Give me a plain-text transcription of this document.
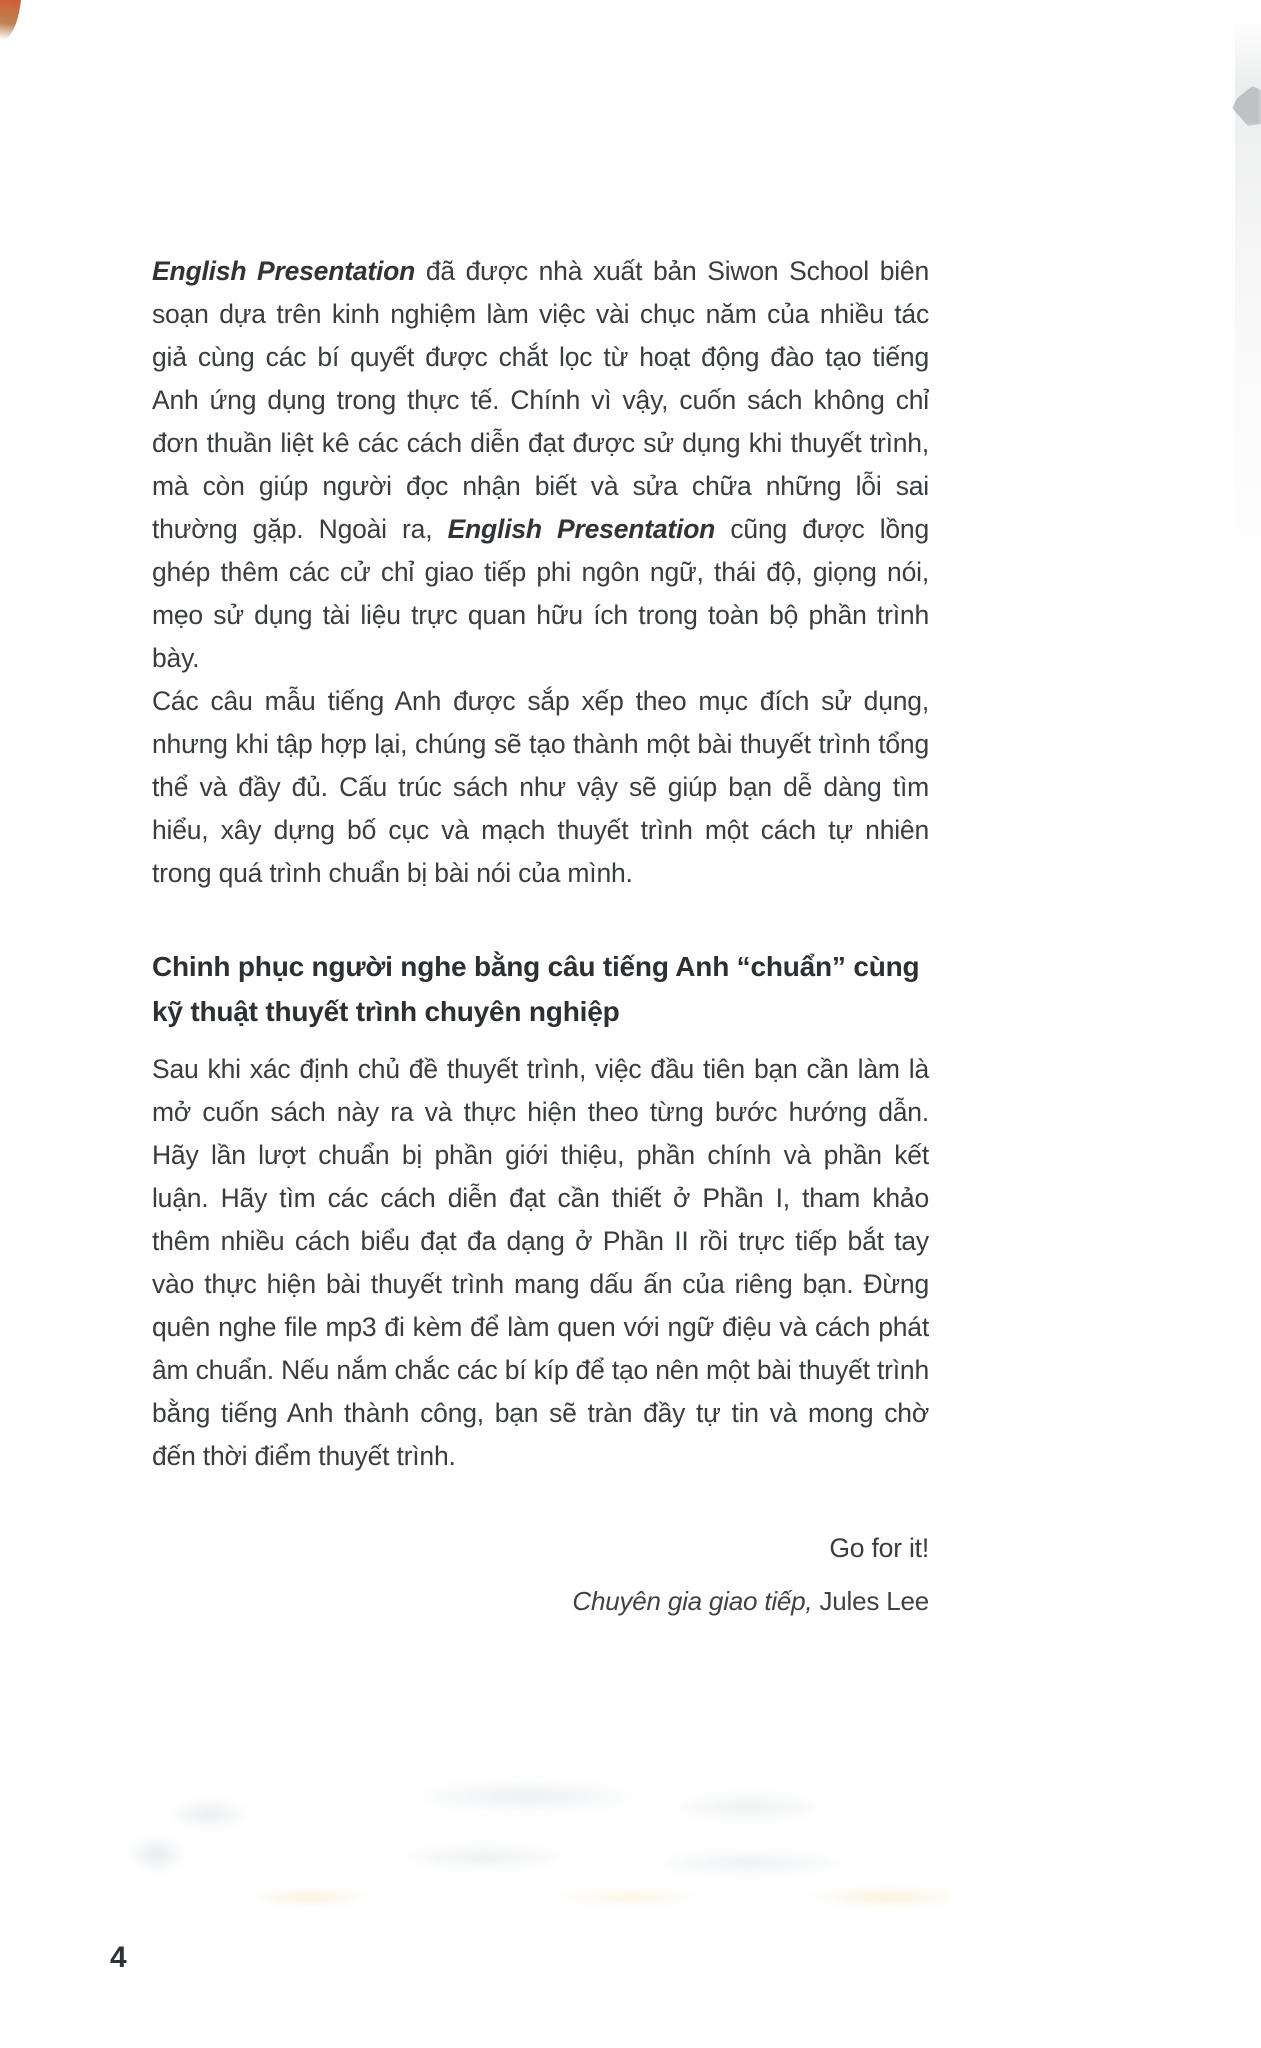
English Presentation đã được nhà xuất bản Siwon School biên soạn dựa trên kinh nghiệm làm việc vài chục năm của nhiều tác giả cùng các bí quyết được chắt lọc từ hoạt động đào tạo tiếng Anh ứng dụng trong thực tế. Chính vì vậy, cuốn sách không chỉ đơn thuần liệt kê các cách diễn đạt được sử dụng khi thuyết trình, mà còn giúp người đọc nhận biết và sửa chữa những lỗi sai thường gặp. Ngoài ra, English Presentation cũng được lồng ghép thêm các cử chỉ giao tiếp phi ngôn ngữ, thái độ, giọng nói, mẹo sử dụng tài liệu trực quan hữu ích trong toàn bộ phần trình bày.

Các câu mẫu tiếng Anh được sắp xếp theo mục đích sử dụng, nhưng khi tập hợp lại, chúng sẽ tạo thành một bài thuyết trình tổng thể và đầy đủ. Cấu trúc sách như vậy sẽ giúp bạn dễ dàng tìm hiểu, xây dựng bố cục và mạch thuyết trình một cách tự nhiên trong quá trình chuẩn bị bài nói của mình.

Chinh phục người nghe bằng câu tiếng Anh “chuẩn” cùng kỹ thuật thuyết trình chuyên nghiệp

Sau khi xác định chủ đề thuyết trình, việc đầu tiên bạn cần làm là mở cuốn sách này ra và thực hiện theo từng bước hướng dẫn. Hãy lần lượt chuẩn bị phần giới thiệu, phần chính và phần kết luận. Hãy tìm các cách diễn đạt cần thiết ở Phần I, tham khảo thêm nhiều cách biểu đạt đa dạng ở Phần II rồi trực tiếp bắt tay vào thực hiện bài thuyết trình mang dấu ấn của riêng bạn. Đừng quên nghe file mp3 đi kèm để làm quen với ngữ điệu và cách phát âm chuẩn. Nếu nắm chắc các bí kíp để tạo nên một bài thuyết trình bằng tiếng Anh thành công, bạn sẽ tràn đầy tự tin và mong chờ đến thời điểm thuyết trình.

Go for it!
Chuyên gia giao tiếp, Jules Lee
4
